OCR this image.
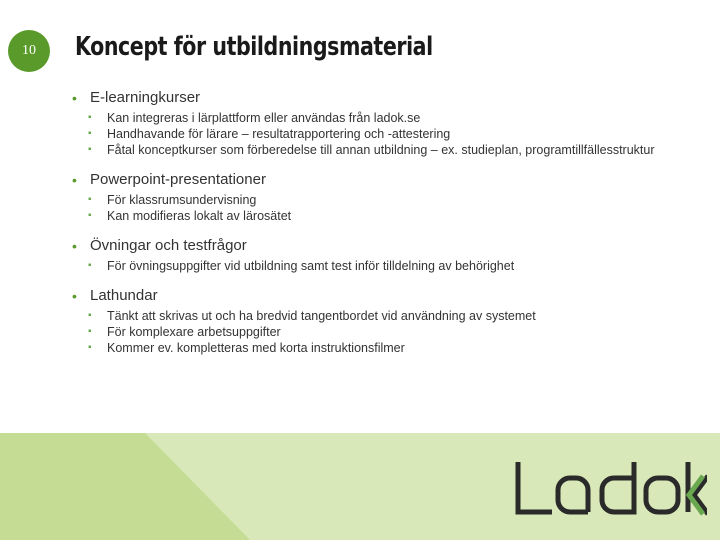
10 Koncept för utbildningsmaterial
• E-learningkurser
▪ Kan integreras i lärplattform eller användas från ladok.se
▪ Handhavande för lärare – resultatrapportering och -attestering
▪ Fåtal konceptkurser som förberedelse till annan utbildning – ex. studieplan, programtillfällesstruktur
• Powerpoint-presentationer
▪ För klassrumsundervisning
▪ Kan modifieras lokalt av lärosätet
• Övningar och testfrågor
▪ För övningsuppgifter vid utbildning samt test inför tilldelning av behörighet
• Lathundar
▪ Tänkt att skrivas ut och ha bredvid tangentbordet vid användning av systemet
▪ För komplexare arbetsuppgifter
▪ Kommer ev. kompletteras med korta instruktionsfilmer
